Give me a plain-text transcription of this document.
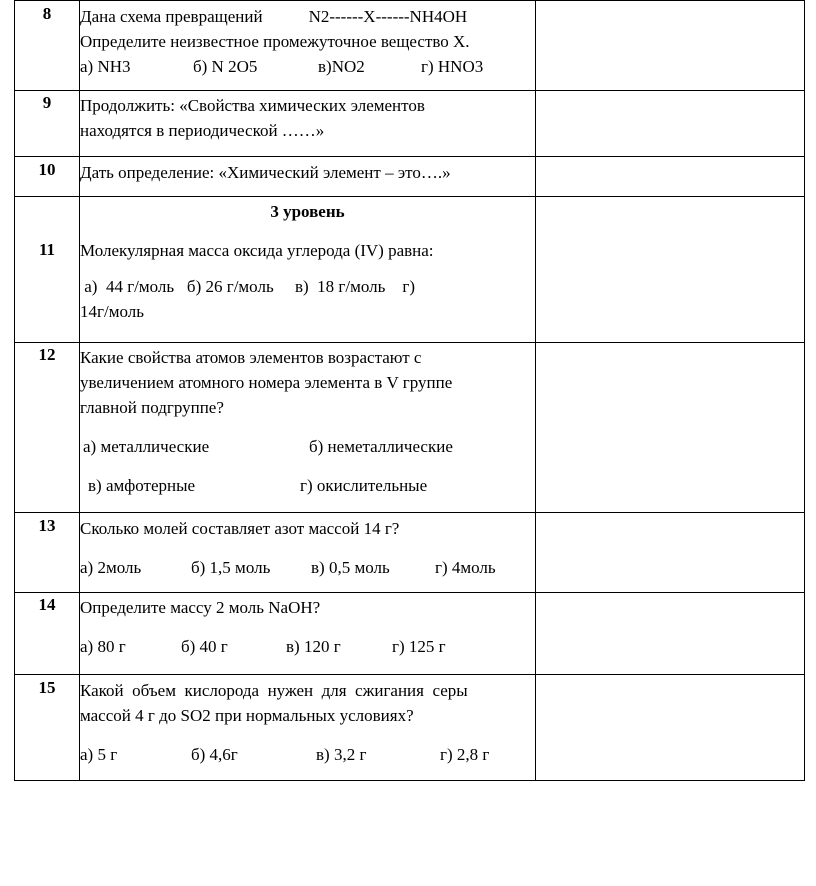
8	Дана схема превращений N2------X------NH4OH

Определите неизвестное промежуточное вещество X.

а) NH3 б) N 2O5 в)NO2 г) HNO3	

9	Продолжить: «Свойства химических элементов

находятся в периодической ……»	

10	Дать определение: «Химический элемент – это….»	

11	3 уровень

Молекулярная масса оксида углерода (IV) равна:

а)  44 г/моль   б) 26 г/моль     в)  18 г/моль    г)

14г/моль	

12	Какие свойства атомов элементов возрастают с

увеличением атомного номера элемента в V группе

главной подгруппе?

а) металлические б) неметаллические

в) амфотерные г) окислительные	

13	Сколько молей составляет азот массой 14 г?

а) 2моль б) 1,5 моль в) 0,5 моль г) 4моль	

14	Определите массу 2 моль NaOH?

а) 80 г б) 40 г в) 120 г г) 125 г	

15	Какой  объем  кислорода  нужен  для  сжигания  серы

массой 4 г до SO2 при нормальных условиях?

а) 5 г б) 4,6г в) 3,2 г г) 2,8 г	
